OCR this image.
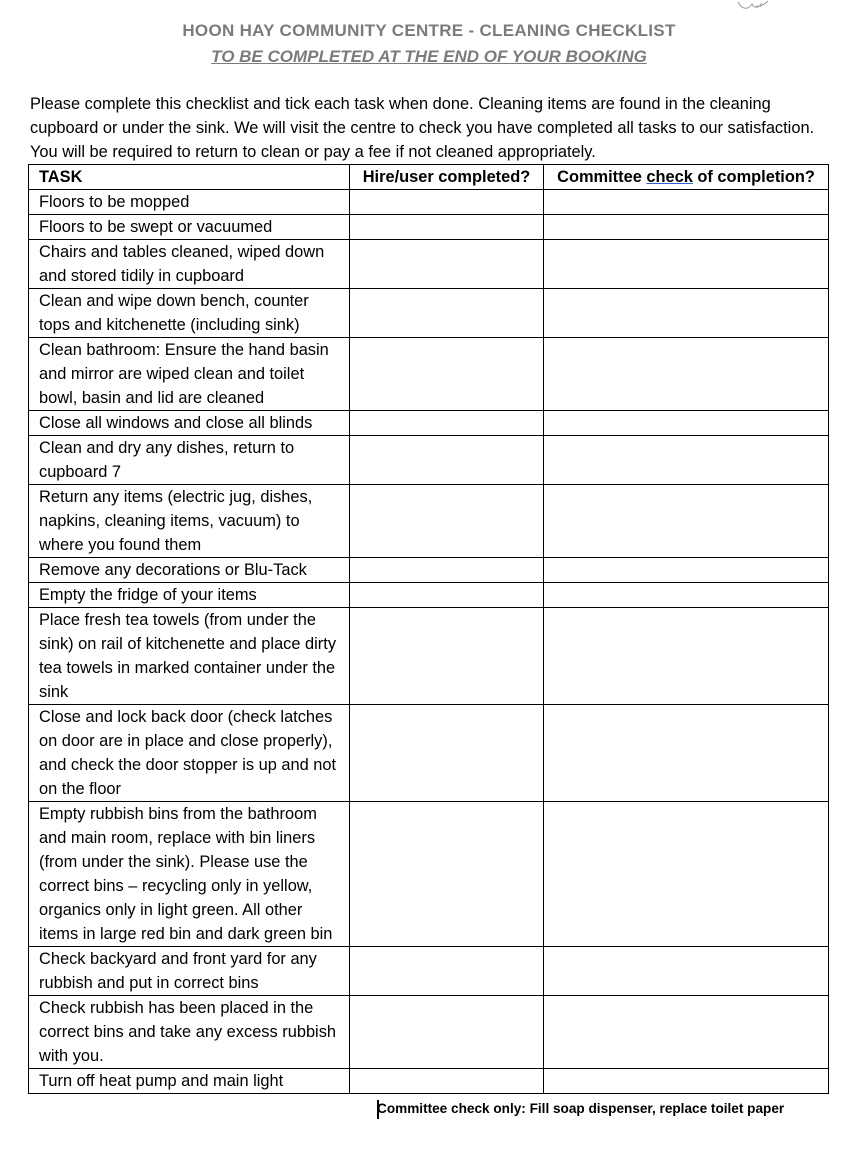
HOON HAY COMMUNITY CENTRE - CLEANING CHECKLIST
TO BE COMPLETED AT THE END OF YOUR BOOKING
Please complete this checklist and tick each task when done. Cleaning items are found in the cleaning cupboard or under the sink. We will visit the centre to check you have completed all tasks to our satisfaction. You will be required to return to clean or pay a fee if not cleaned appropriately.
TASK	Hire/user completed?	Committee check of completion?
Floors to be mopped		
Floors to be swept or vacuumed		
Chairs and tables cleaned, wiped down and stored tidily in cupboard		
Clean and wipe down bench, counter tops and kitchenette (including sink)		
Clean bathroom: Ensure the hand basin and mirror are wiped clean and toilet bowl, basin and lid are cleaned		
Close all windows and close all blinds		
Clean and dry any dishes, return to cupboard 7		
Return any items (electric jug, dishes, napkins, cleaning items, vacuum) to where you found them		
Remove any decorations or Blu-Tack		
Empty the fridge of your items		
Place fresh tea towels (from under the sink) on rail of kitchenette and place dirty tea towels in marked container under the sink		
Close and lock back door (check latches on door are in place and close properly), and check the door stopper is up and not on the floor		
Empty rubbish bins from the bathroom and main room, replace with bin liners (from under the sink). Please use the correct bins – recycling only in yellow, organics only in light green. All other items in large red bin and dark green bin		
Check backyard and front yard for any rubbish and put in correct bins		
Check rubbish has been placed in the correct bins and take any excess rubbish with you.		
Turn off heat pump and main light		
Committee check only: Fill soap dispenser, replace toilet paper
